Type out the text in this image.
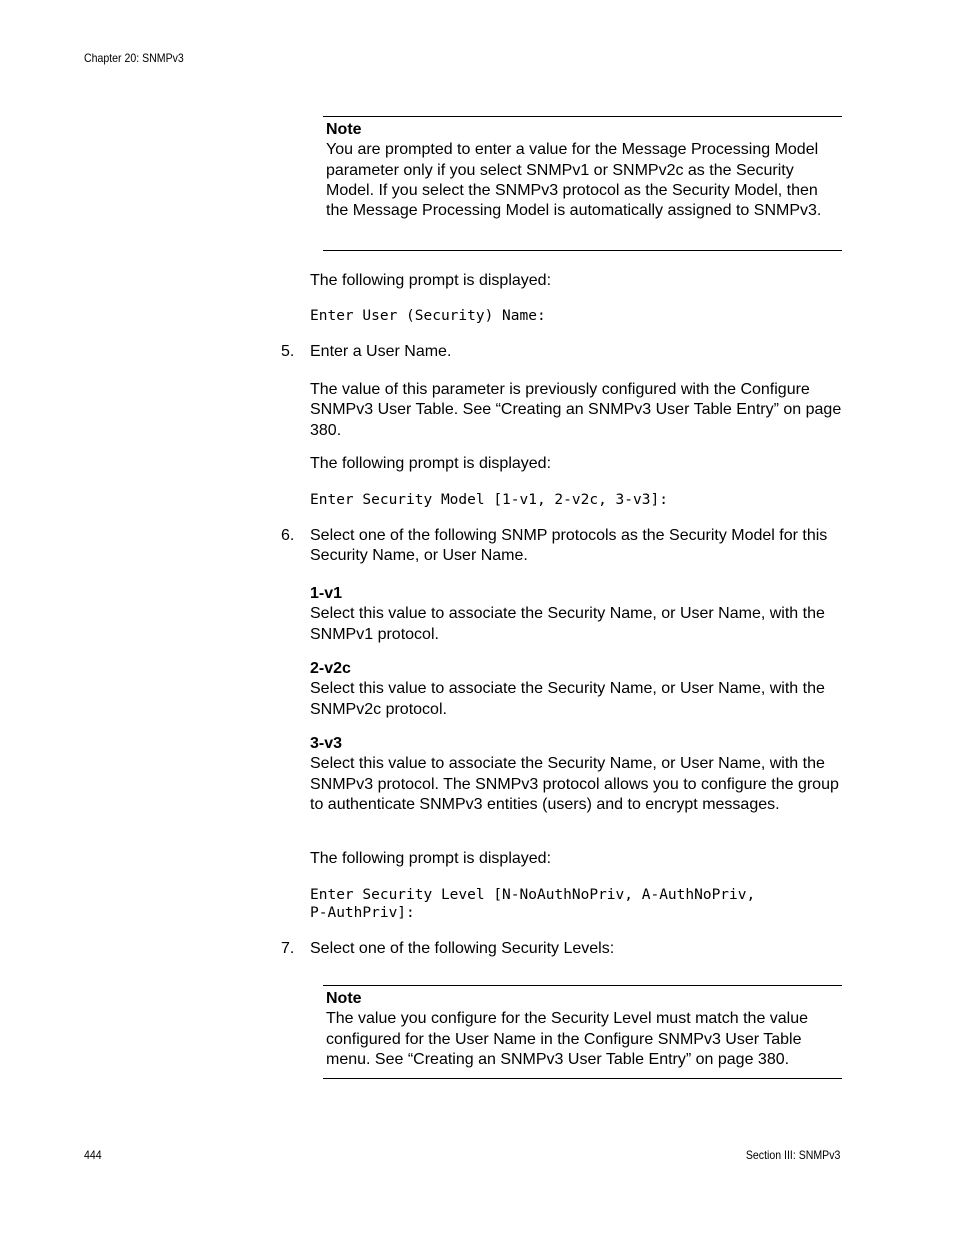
Chapter 20: SNMPv3
Note
You are prompted to enter a value for the Message Processing Model parameter only if you select SNMPv1 or SNMPv2c as the Security Model. If you select the SNMPv3 protocol as the Security Model, then the Message Processing Model is automatically assigned to SNMPv3.
The following prompt is displayed:
Enter User (Security) Name:
5. Enter a User Name.
The value of this parameter is previously configured with the Configure SNMPv3 User Table. See “Creating an SNMPv3 User Table Entry” on page 380.
The following prompt is displayed:
Enter Security Model [1-v1, 2-v2c, 3-v3]:
6. Select one of the following SNMP protocols as the Security Model for this Security Name, or User Name.
1-v1
Select this value to associate the Security Name, or User Name, with the SNMPv1 protocol.
2-v2c
Select this value to associate the Security Name, or User Name, with the SNMPv2c protocol.
3-v3
Select this value to associate the Security Name, or User Name, with the SNMPv3 protocol. The SNMPv3 protocol allows you to configure the group to authenticate SNMPv3 entities (users) and to encrypt messages.
The following prompt is displayed:
Enter Security Level [N-NoAuthNoPriv, A-AuthNoPriv,
P-AuthPriv]:
7. Select one of the following Security Levels:
Note
The value you configure for the Security Level must match the value configured for the User Name in the Configure SNMPv3 User Table menu. See “Creating an SNMPv3 User Table Entry” on page 380.
444	Section III: SNMPv3
